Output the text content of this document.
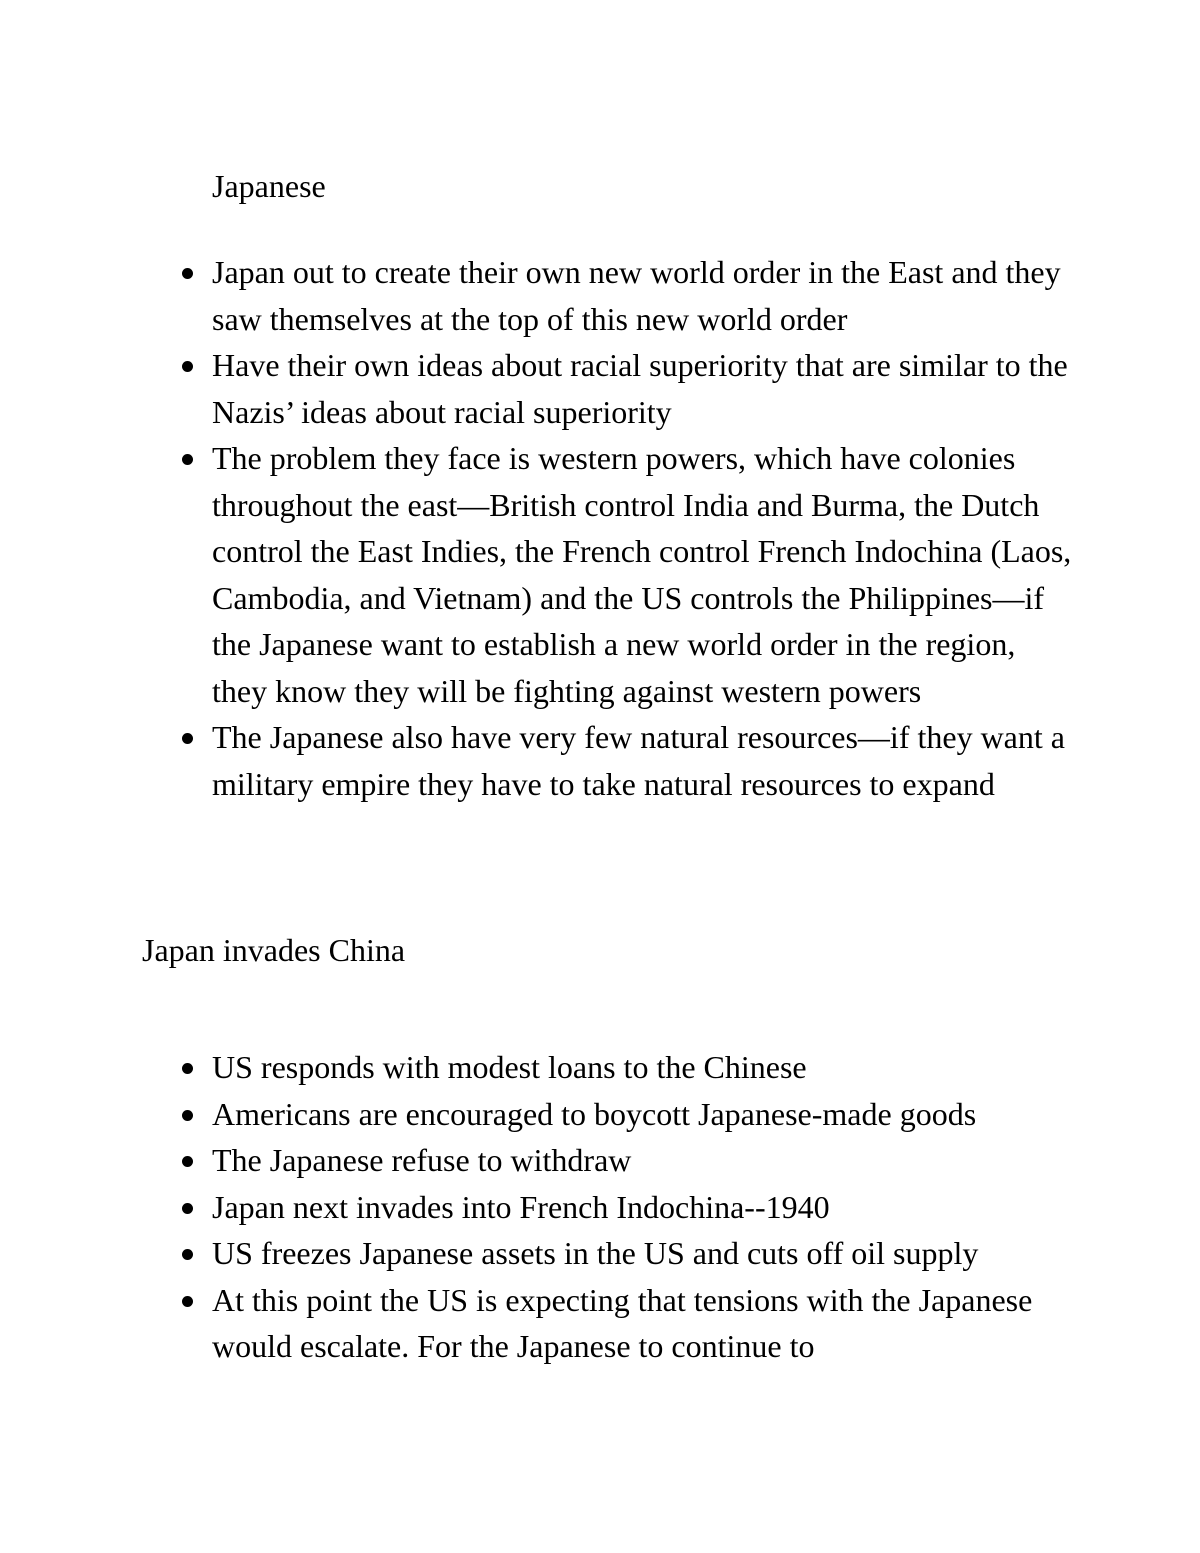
Japanese
Japan out to create their own new world order in the East and they saw themselves at the top of this new world order
Have their own ideas about racial superiority that are similar to the Nazis’ ideas about racial superiority
The problem they face is western powers, which have colonies throughout the east—British control India and Burma, the Dutch control the East Indies, the French control French Indochina (Laos, Cambodia, and Vietnam) and the US controls the Philippines—if the Japanese want to establish a new world order in the region, they know they will be fighting against western powers
The Japanese also have very few natural resources—if they want a military empire they have to take natural resources to expand
Japan invades China
US responds with modest loans to the Chinese
Americans are encouraged to boycott Japanese-made goods
The Japanese refuse to withdraw
Japan next invades into French Indochina--1940
US freezes Japanese assets in the US and cuts off oil supply
At this point the US is expecting that tensions with the Japanese would escalate. For the Japanese to continue to
